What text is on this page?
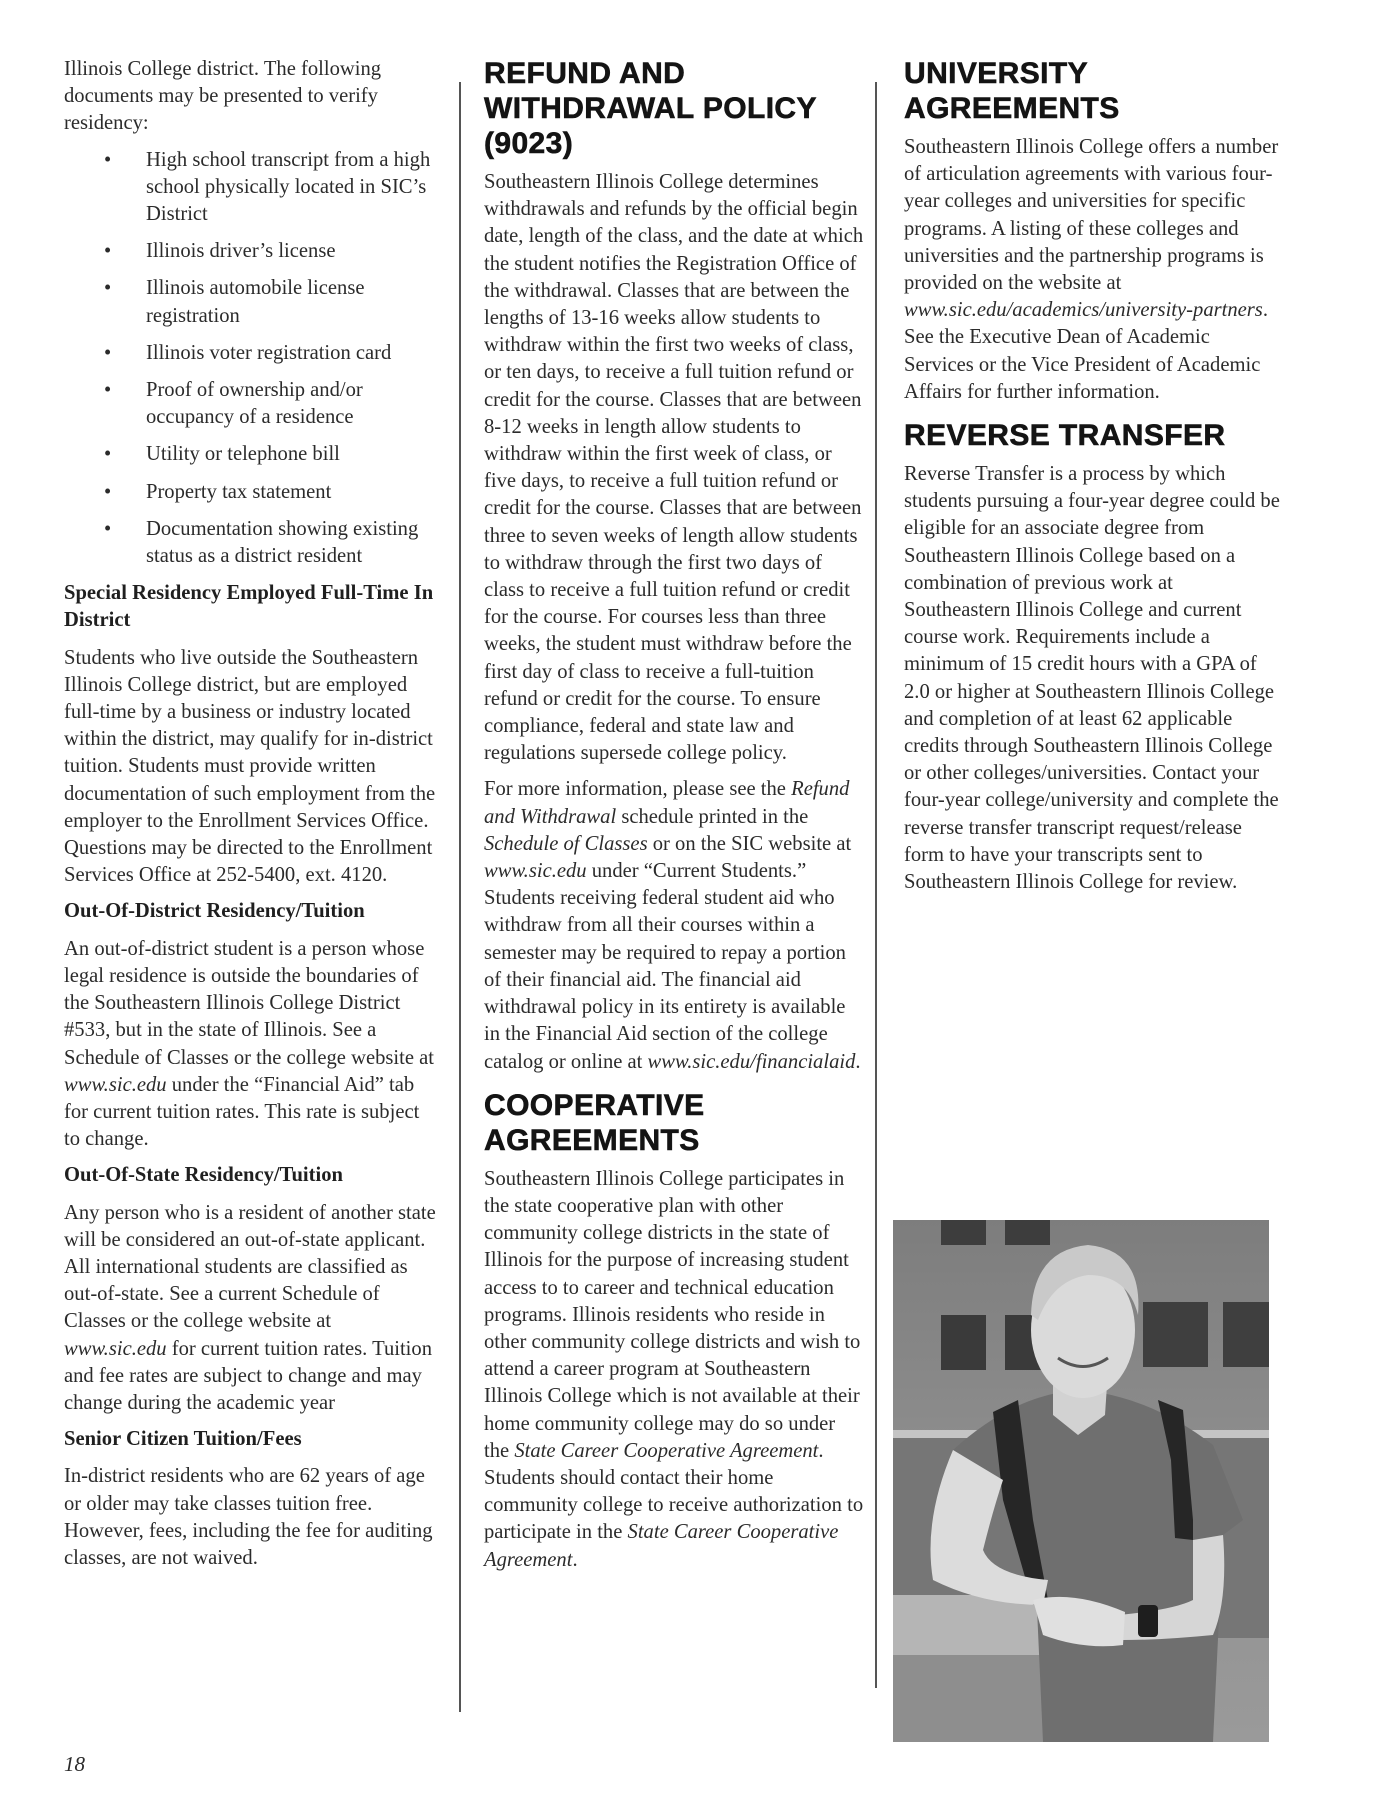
Illinois College district. The following documents may be presented to verify residency:

• High school transcript from a high school physically located in SIC’s District
• Illinois driver’s license
• Illinois automobile license registration
• Illinois voter registration card
• Proof of ownership and/or occupancy of a residence
• Utility or telephone bill
• Property tax statement
• Documentation showing existing status as a district resident
Special Residency Employed Full-Time In District

Students who live outside the Southeastern Illinois College district, but are employed full-time by a business or industry located within the district, may qualify for in-district tuition. Students must provide written documentation of such employment from the employer to the Enrollment Services Office. Questions may be directed to the Enrollment Services Office at 252-5400, ext. 4120.

Out-Of-District Residency/Tuition

An out-of-district student is a person whose legal residence is outside the boundaries of the Southeastern Illinois College District #533, but in the state of Illinois. See a Schedule of Classes or the college website at www.sic.edu under the “Financial Aid” tab for current tuition rates. This rate is subject to change.

Out-Of-State Residency/Tuition

Any person who is a resident of another state will be considered an out-of-state applicant. All international students are classified as out-of-state. See a current Schedule of Classes or the college website at www.sic.edu for current tuition rates. Tuition and fee rates are subject to change and may change during the academic year

Senior Citizen Tuition/Fees

In-district residents who are 62 years of age or older may take classes tuition free. However, fees, including the fee for auditing classes, are not waived.

REFUND AND WITHDRAWAL POLICY (9023)

Southeastern Illinois College determines withdrawals and refunds by the official begin date, length of the class, and the date at which the student notifies the Registration Office of the withdrawal. Classes that are between the lengths of 13-16 weeks allow students to withdraw within the first two weeks of class, or ten days, to receive a full tuition refund or credit for the course. Classes that are between 8-12 weeks in length allow students to withdraw within the first week of class, or five days, to receive a full tuition refund or credit for the course. Classes that are between three to seven weeks of length allow students to withdraw through the first two days of class to receive a full tuition refund or credit for the course. For courses less than three weeks, the student must withdraw before the first day of class to receive a full-tuition refund or credit for the course. To ensure compliance, federal and state law and regulations supersede college policy.

For more information, please see the Refund and Withdrawal schedule printed in the Schedule of Classes or on the SIC website at www.sic.edu under “Current Students.” Students receiving federal student aid who withdraw from all their courses within a semester may be required to repay a portion of their financial aid. The financial aid withdrawal policy in its entirety is available in the Financial Aid section of the college catalog or online at www.sic.edu/financialaid.

COOPERATIVE AGREEMENTS

Southeastern Illinois College participates in the state cooperative plan with other community college districts in the state of Illinois for the purpose of increasing student access to to career and technical education programs. Illinois residents who reside in other community college districts and wish to attend a career program at Southeastern Illinois College which is not available at their home community college may do so under the State Career Cooperative Agreement. Students should contact their home community college to receive authorization to participate in the State Career Cooperative Agreement.

UNIVERSITY AGREEMENTS

Southeastern Illinois College offers a number of articulation agreements with various four-year colleges and universities for specific programs. A listing of these colleges and universities and the partnership programs is provided on the website at www.sic.edu/academics/university-partners. See the Executive Dean of Academic Services or the Vice President of Academic Affairs for further information.

REVERSE TRANSFER

Reverse Transfer is a process by which students pursuing a four-year degree could be eligible for an associate degree from Southeastern Illinois College based on a combination of previous work at Southeastern Illinois College and current course work. Requirements include a minimum of 15 credit hours with a GPA of 2.0 or higher at Southeastern Illinois College and completion of at least 62 applicable credits through Southeastern Illinois College or other colleges/universities. Contact your four-year college/university and complete the reverse transfer transcript request/release form to have your transcripts sent to Southeastern Illinois College for review.

18
